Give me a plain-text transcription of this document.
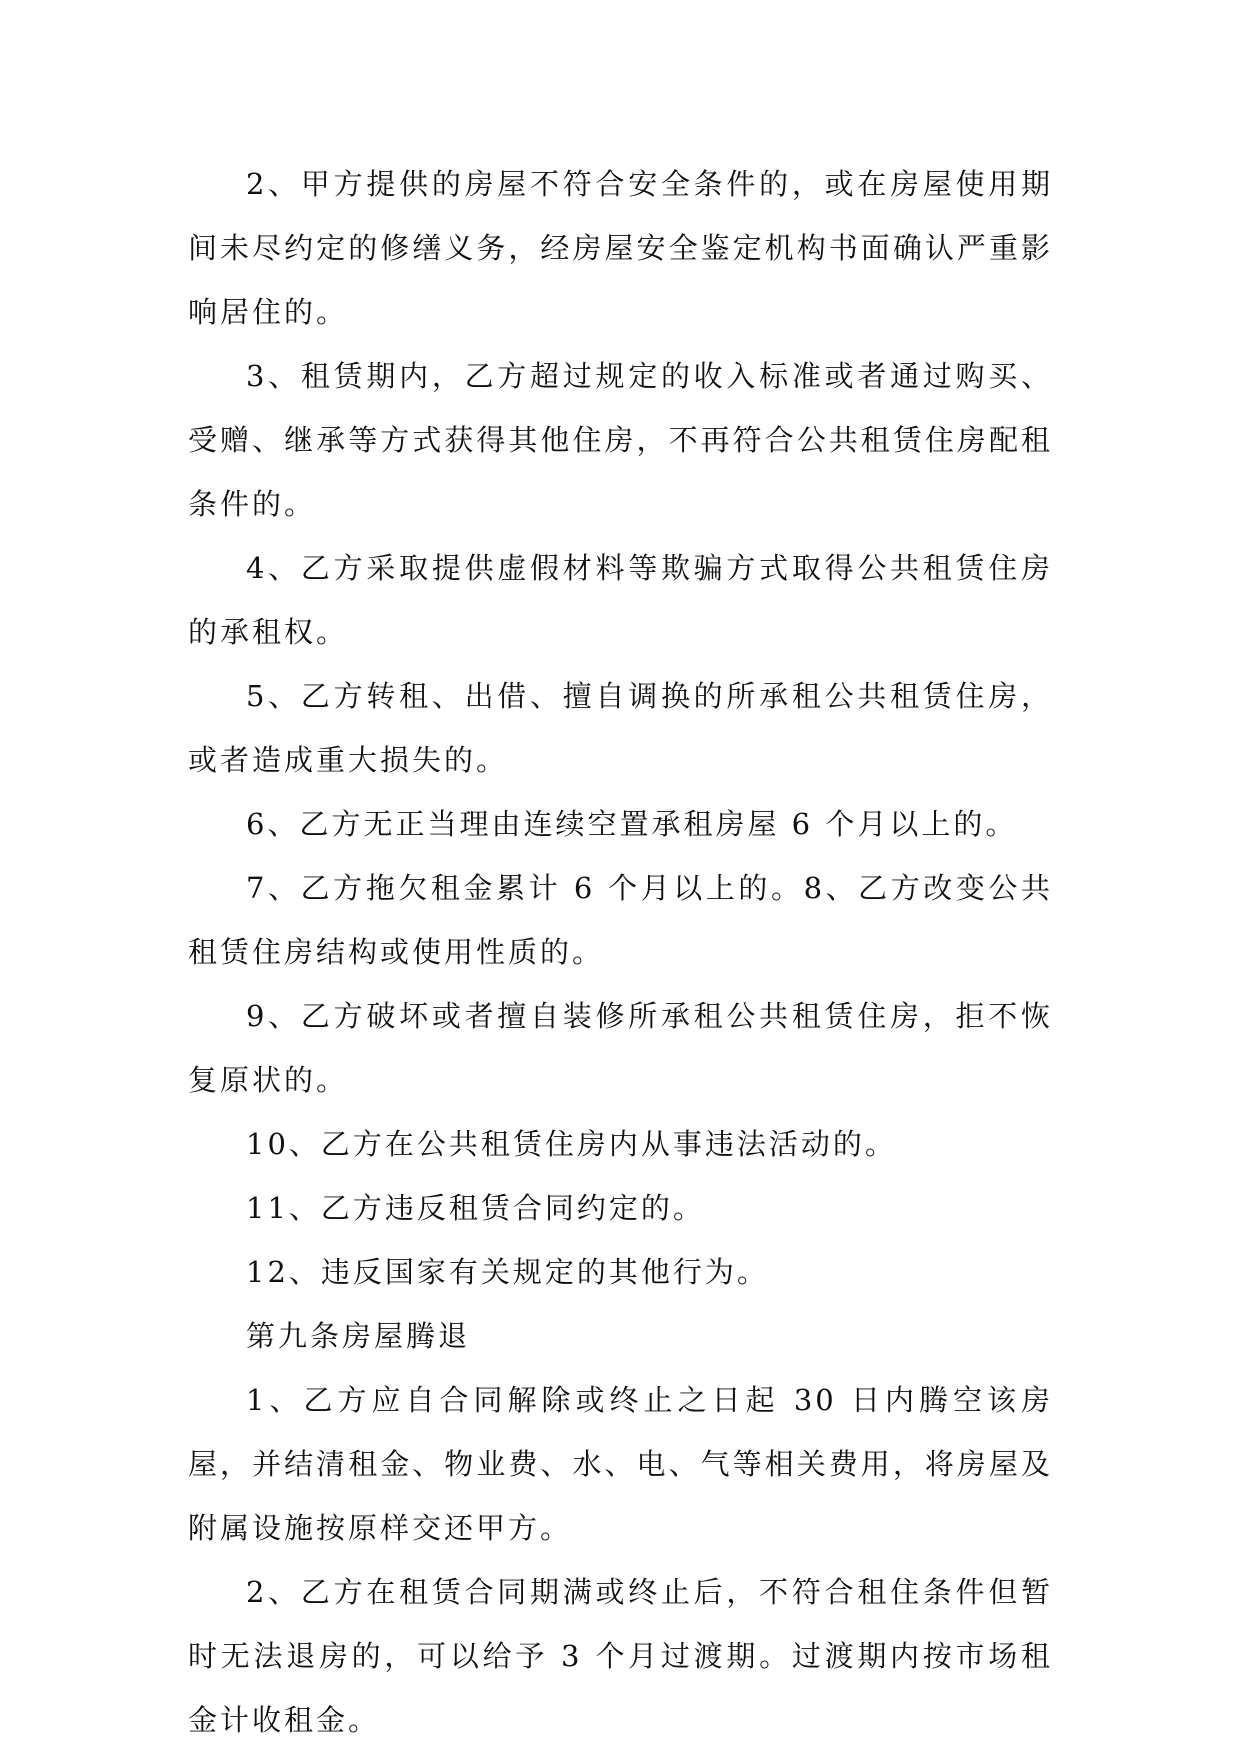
2、甲方提供的房屋不符合安全条件的，或在房屋使用期间未尽约定的修缮义务，经房屋安全鉴定机构书面确认严重影响居住的。

3、租赁期内，乙方超过规定的收入标准或者通过购买、受赠、继承等方式获得其他住房，不再符合公共租赁住房配租条件的。

4、乙方采取提供虚假材料等欺骗方式取得公共租赁住房的承租权。

5、乙方转租、出借、擅自调换的所承租公共租赁住房，或者造成重大损失的。

6、乙方无正当理由连续空置承租房屋 6 个月以上的。

7、乙方拖欠租金累计 6 个月以上的。8、乙方改变公共租赁住房结构或使用性质的。

9、乙方破坏或者擅自装修所承租公共租赁住房，拒不恢复原状的。

10、乙方在公共租赁住房内从事违法活动的。

11、乙方违反租赁合同约定的。

12、违反国家有关规定的其他行为。

第九条房屋腾退

1、乙方应自合同解除或终止之日起 30 日内腾空该房屋，并结清租金、物业费、水、电、气等相关费用，将房屋及附属设施按原样交还甲方。

2、乙方在租赁合同期满或终止后，不符合租住条件但暂时无法退房的，可以给予 3 个月过渡期。过渡期内按市场租金计收租金。
